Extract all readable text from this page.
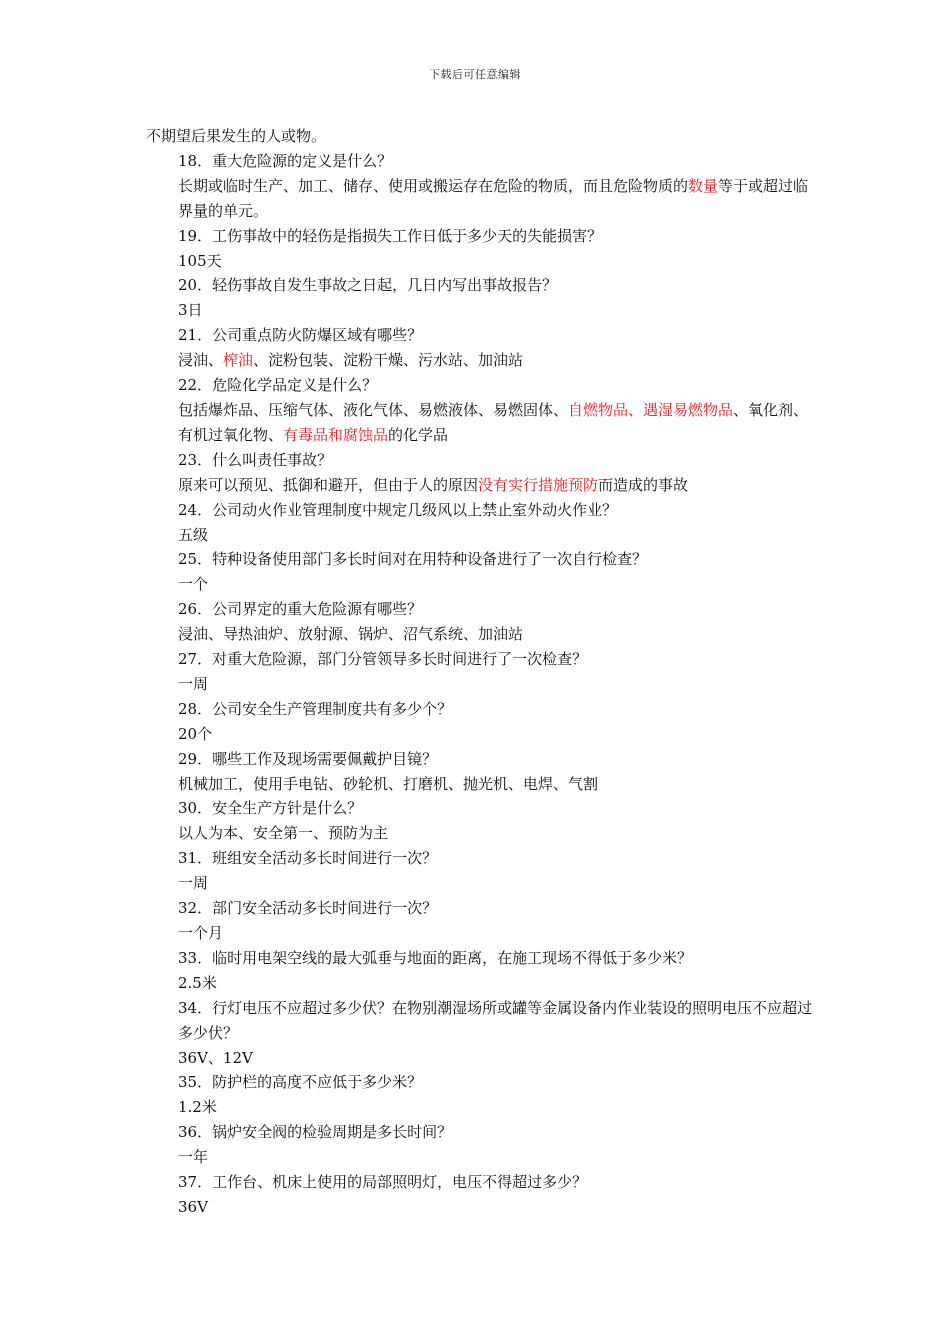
下载后可任意编辑
不期望后果发生的人或物。
18．重大危险源的定义是什么？
长期或临时生产、加工、储存、使用或搬运存在危险的物质，而且危险物质的数量等于或超过临界量的单元。
19．工伤事故中的轻伤是指损失工作日低于多少天的失能损害？
105天
20．轻伤事故自发生事故之日起，几日内写出事故报告？
3日
21．公司重点防火防爆区域有哪些？
浸油、榨油、淀粉包装、淀粉干燥、污水站、加油站
22．危险化学品定义是什么？
包括爆炸品、压缩气体、液化气体、易燃液体、易燃固体、自燃物品、遇湿易燃物品、氧化剂、有机过氧化物、有毒品和腐蚀品的化学品
23．什么叫责任事故？
原来可以预见、抵御和避开，但由于人的原因没有实行措施预防而造成的事故
24．公司动火作业管理制度中规定几级风以上禁止室外动火作业？
五级
25．特种设备使用部门多长时间对在用特种设备进行了一次自行检查？
一个
26．公司界定的重大危险源有哪些？
浸油、导热油炉、放射源、锅炉、沼气系统、加油站
27．对重大危险源，部门分管领导多长时间进行了一次检查？
一周
28．公司安全生产管理制度共有多少个？
20个
29．哪些工作及现场需要佩戴护目镜？
机械加工，使用手电钻、砂轮机、打磨机、抛光机、电焊、气割
30．安全生产方针是什么？
以人为本、安全第一、预防为主
31．班组安全活动多长时间进行一次？
一周
32．部门安全活动多长时间进行一次？
一个月
33．临时用电架空线的最大弧垂与地面的距离，在施工现场不得低于多少米？
2.5米
34．行灯电压不应超过多少伏？在物别潮湿场所或罐等金属设备内作业装设的照明电压不应超过多少伏？
36V、12V
35．防护栏的高度不应低于多少米？
1.2米
36．锅炉安全阀的检验周期是多长时间？
一年
37．工作台、机床上使用的局部照明灯，电压不得超过多少？
36V
